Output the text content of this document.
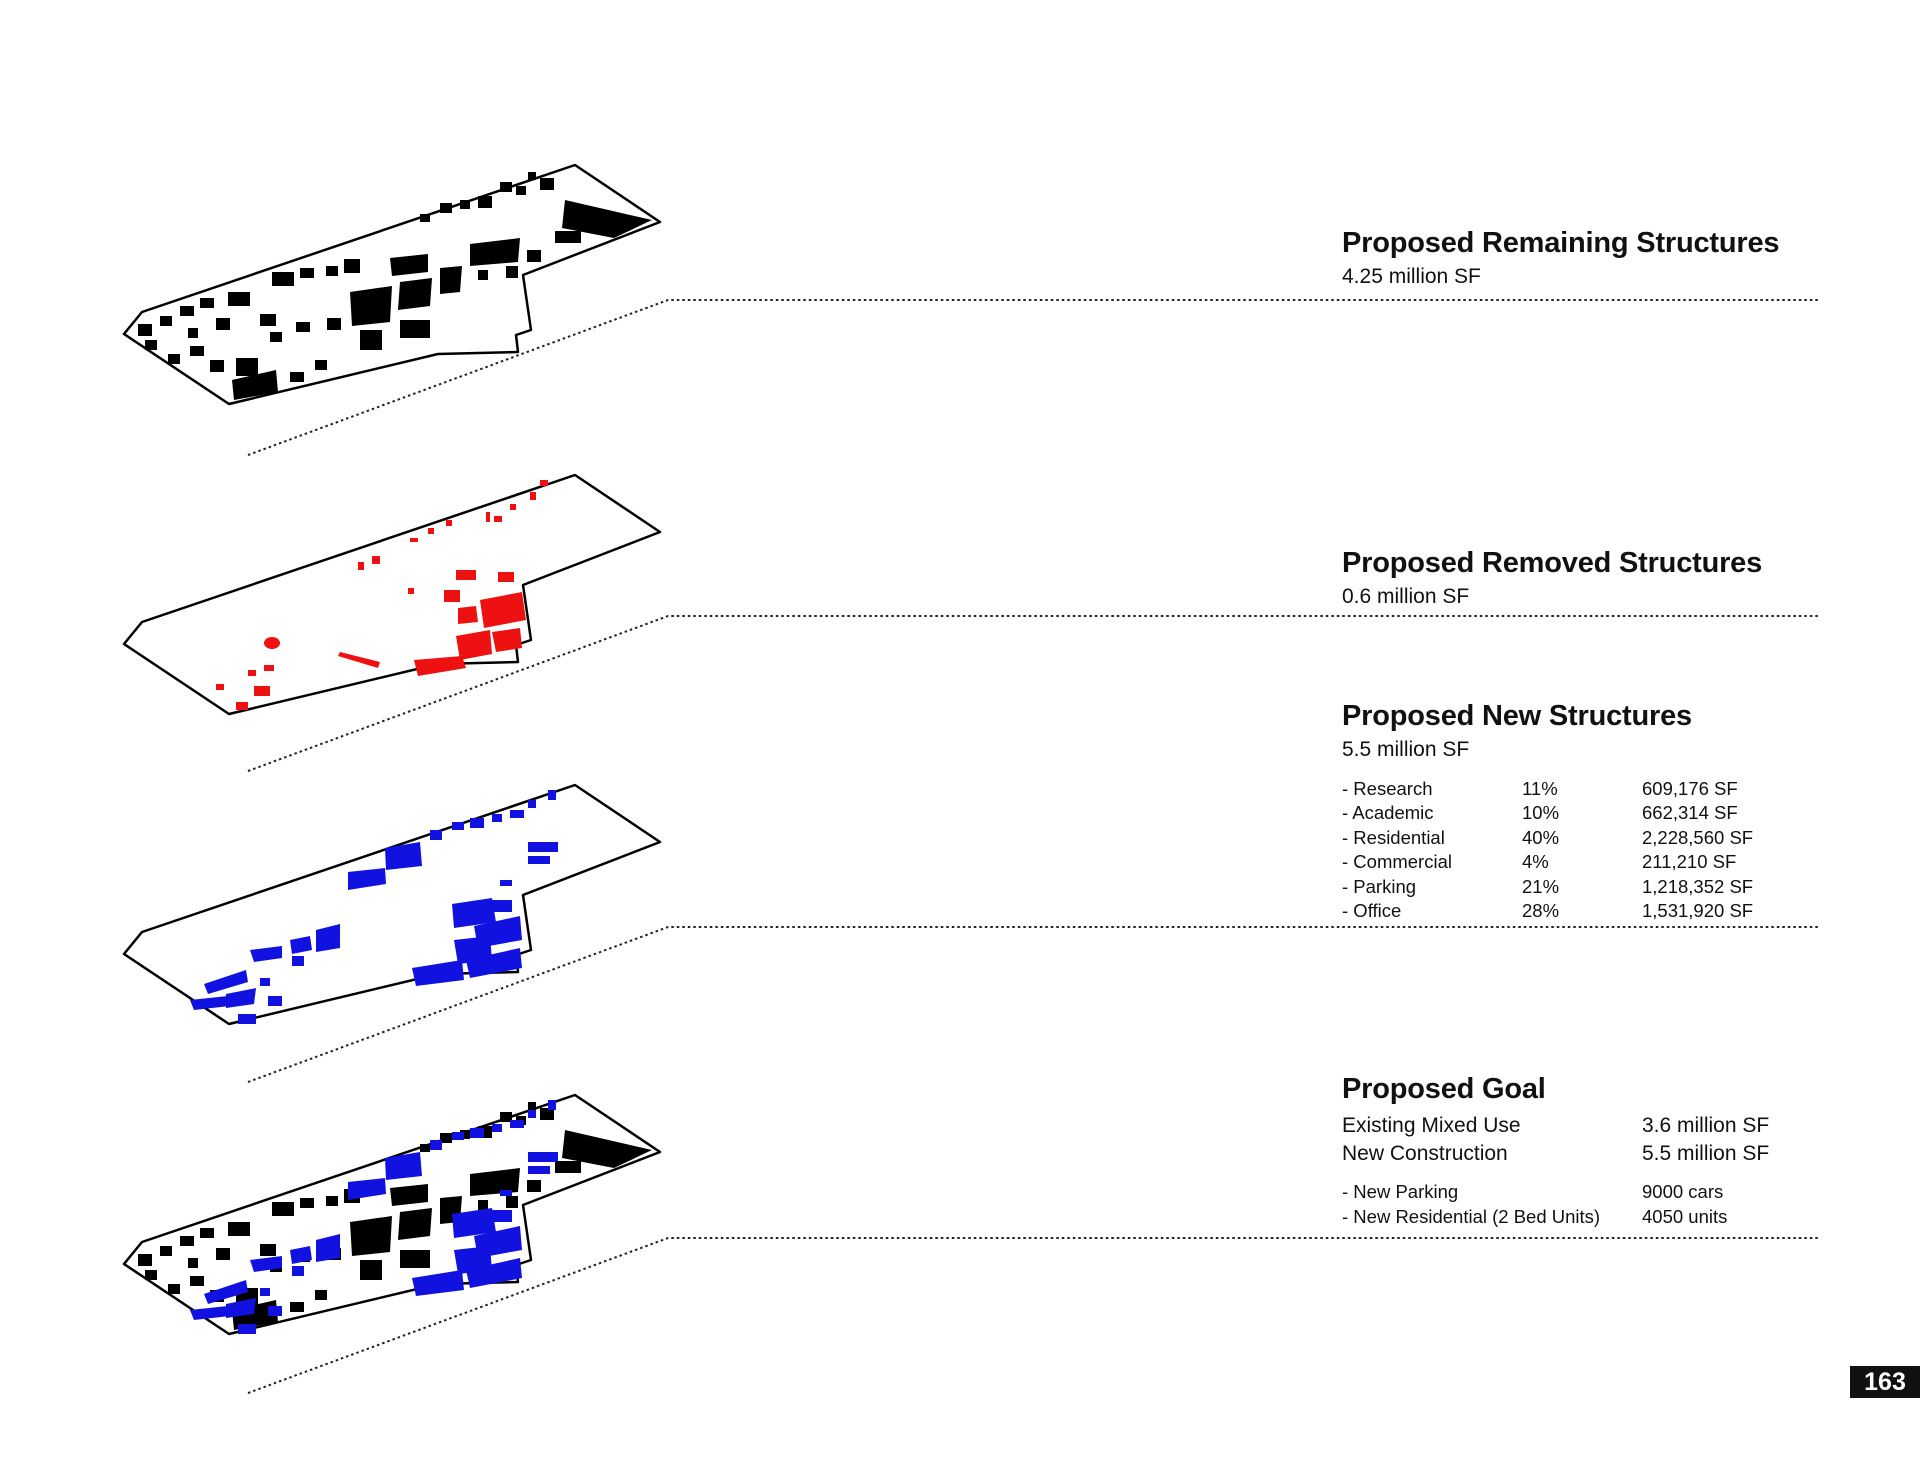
Proposed Remaining Structures
4.25 million SF
Proposed Removed Structures
0.6 million SF
Proposed New Structures
5.5 million SF
- Research	11%	609,176 SF
- Academic	10%	662,314 SF
- Residential	40%	2,228,560 SF
- Commercial	4%	211,210 SF
- Parking	21%	1,218,352 SF
- Office	28%	1,531,920 SF
Proposed Goal
Existing Mixed Use	3.6 million SF
New Construction	5.5 million SF
- New Parking	9000 cars
- New Residential (2 Bed Units)	4050 units
163
